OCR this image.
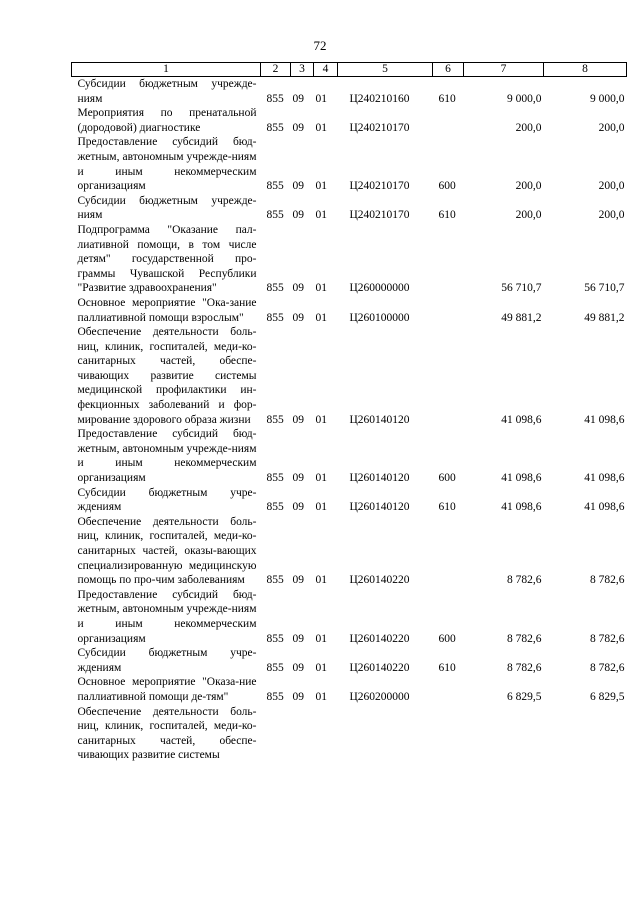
72
1	2	3	4	5	6	7	8
Субсидии бюджетным учрежде-ниям	855	09	01	Ц240210160	610	9 000,0	9 000,0
Мероприятия по пренатальной (дородовой) диагностике	855	09	01	Ц240210170		200,0	200,0
Предоставление субсидий бюд-жетным, автономным учрежде-ниям и иным некоммерческим организациям	855	09	01	Ц240210170	600	200,0	200,0
Субсидии бюджетным учрежде-ниям	855	09	01	Ц240210170	610	200,0	200,0
Подпрограмма "Оказание пал-лиативной помощи, в том числе детям" государственной про-граммы Чувашской Республики "Развитие здравоохранения"	855	09	01	Ц260000000		56 710,7	56 710,7
Основное мероприятие "Ока-зание паллиативной помощи взрослым"	855	09	01	Ц260100000		49 881,2	49 881,2
Обеспечение деятельности боль-ниц, клиник, госпиталей, меди-ко-санитарных частей, обеспе-чивающих развитие системы медицинской профилактики ин-фекционных заболеваний и фор-мирование здорового образа жизни	855	09	01	Ц260140120		41 098,6	41 098,6
Предоставление субсидий бюд-жетным, автономным учрежде-ниям и иным некоммерческим организациям	855	09	01	Ц260140120	600	41 098,6	41 098,6
Субсидии бюджетным учре-ждениям	855	09	01	Ц260140120	610	41 098,6	41 098,6
Обеспечение деятельности боль-ниц, клиник, госпиталей, меди-ко-санитарных частей, оказы-вающих специализированную медицинскую помощь по про-чим заболеваниям	855	09	01	Ц260140220		8 782,6	8 782,6
Предоставление субсидий бюд-жетным, автономным учрежде-ниям и иным некоммерческим организациям	855	09	01	Ц260140220	600	8 782,6	8 782,6
Субсидии бюджетным учре-ждениям	855	09	01	Ц260140220	610	8 782,6	8 782,6
Основное мероприятие "Оказа-ние паллиативной помощи де-тям"	855	09	01	Ц260200000		6 829,5	6 829,5
Обеспечение деятельности боль-ниц, клиник, госпиталей, меди-ко-санитарных частей, обеспе-чивающих развитие системы							
